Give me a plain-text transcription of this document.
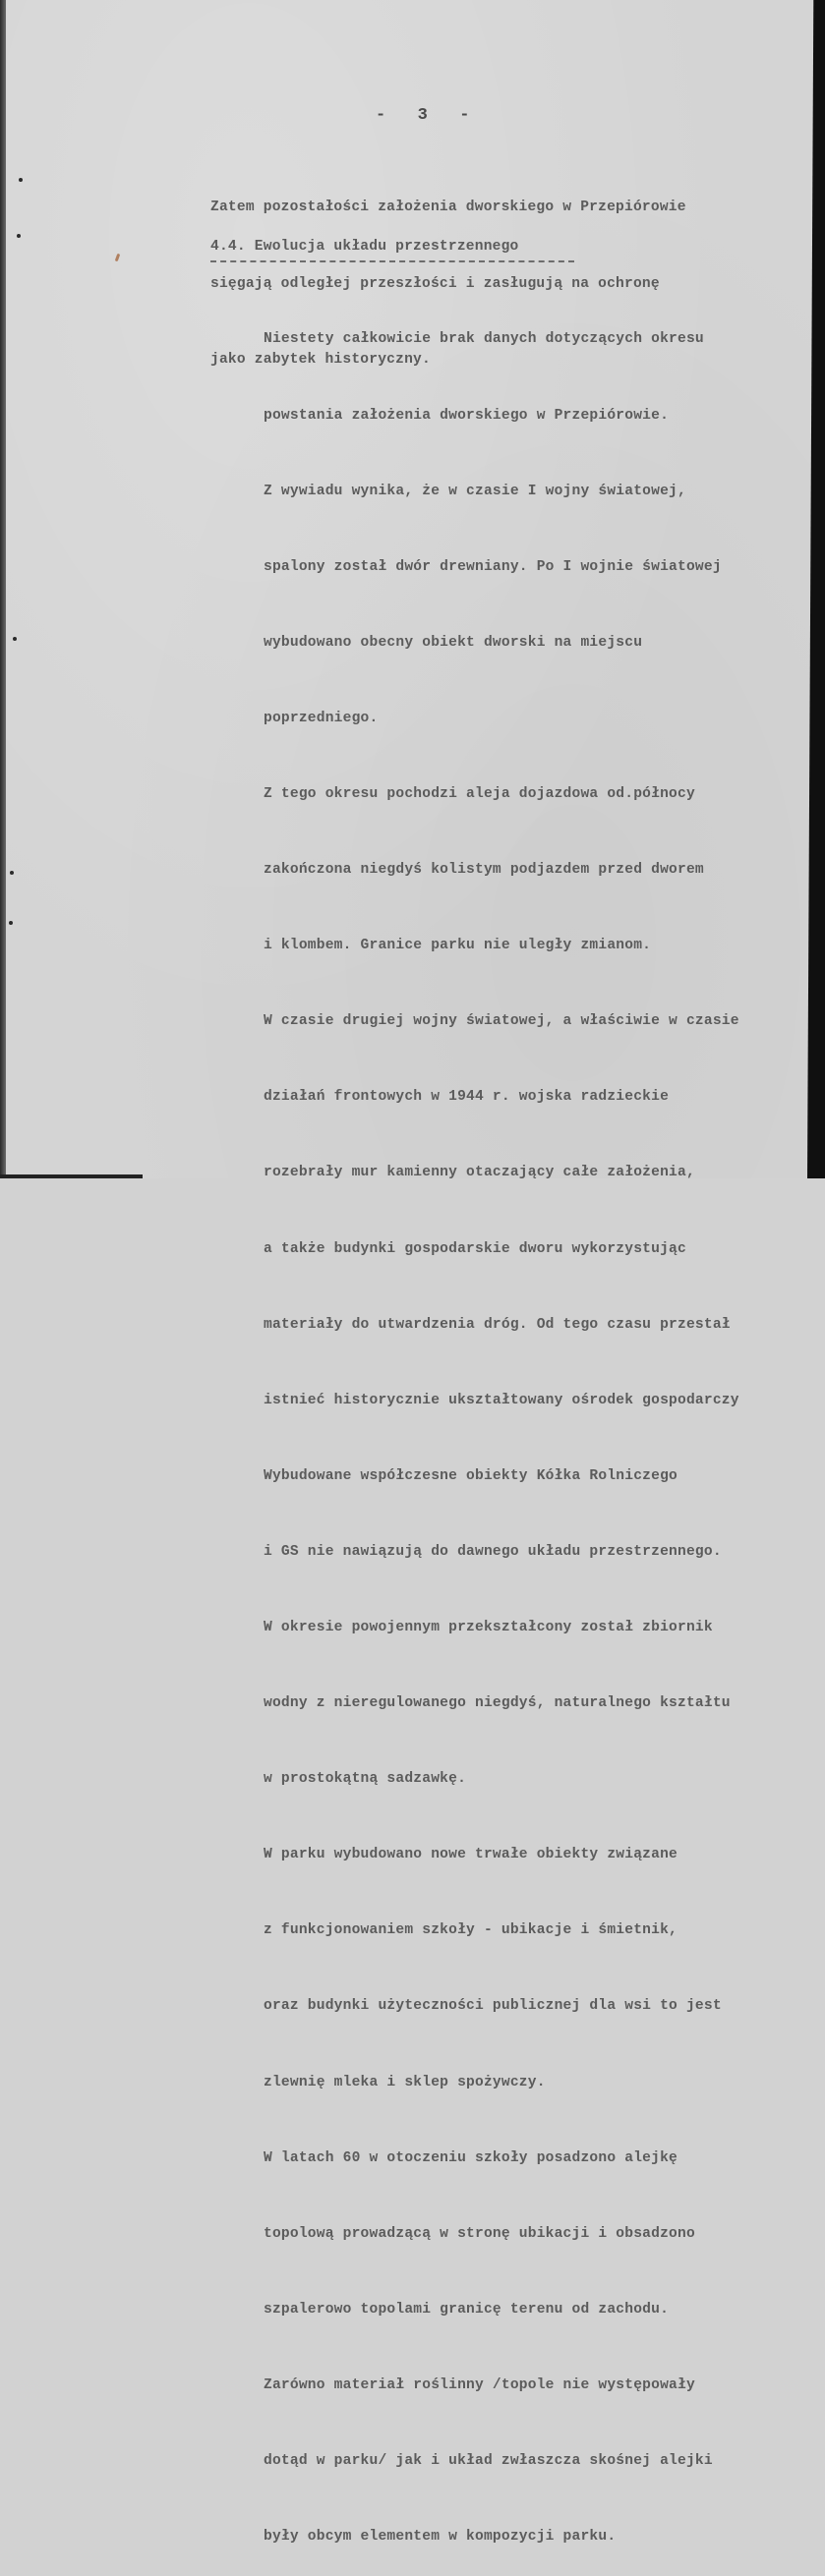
-  3  -

Zatem pozostałości założenia dworskiego w Przepiórowie

sięgają odległej przeszłości i zasługują na ochronę

jako zabytek historyczny.

4.4. Ewolucja układu przestrzennego

Niestety całkowicie brak danych dotyczących okresu

powstania założenia dworskiego w Przepiórowie.

Z wywiadu wynika, że w czasie I wojny światowej,

spalony został dwór drewniany. Po I wojnie światowej

wybudowano obecny obiekt dworski na miejscu

poprzedniego.

Z tego okresu pochodzi aleja dojazdowa od.północy

zakończona niegdyś kolistym podjazdem przed dworem

i klombem. Granice parku nie uległy zmianom.

W czasie drugiej wojny światowej, a właściwie w czasie

działań frontowych w 1944 r. wojska radzieckie

rozebrały mur kamienny otaczający całe założenia,

a także budynki gospodarskie dworu wykorzystując

materiały do utwardzenia dróg. Od tego czasu przestał

istnieć historycznie ukształtowany ośrodek gospodarczy

Wybudowane współczesne obiekty Kółka Rolniczego

i GS nie nawiązują do dawnego układu przestrzennego.

W okresie powojennym przekształcony został zbiornik

wodny z nieregulowanego niegdyś, naturalnego kształtu

w prostokątną sadzawkę.

W parku wybudowano nowe trwałe obiekty związane

z funkcjonowaniem szkoły - ubikacje i śmietnik,

oraz budynki użyteczności publicznej dla wsi to jest

zlewnię mleka i sklep spożywczy.

W latach 60 w otoczeniu szkoły posadzono alejkę

topolową prowadzącą w stronę ubikacji i obsadzono

szpalerowo topolami granicę terenu od zachodu.

Zarówno materiał roślinny /topole nie występowały

dotąd w parku/ jak i układ zwłaszcza skośnej alejki

były obcym elementem w kompozycji parku.
